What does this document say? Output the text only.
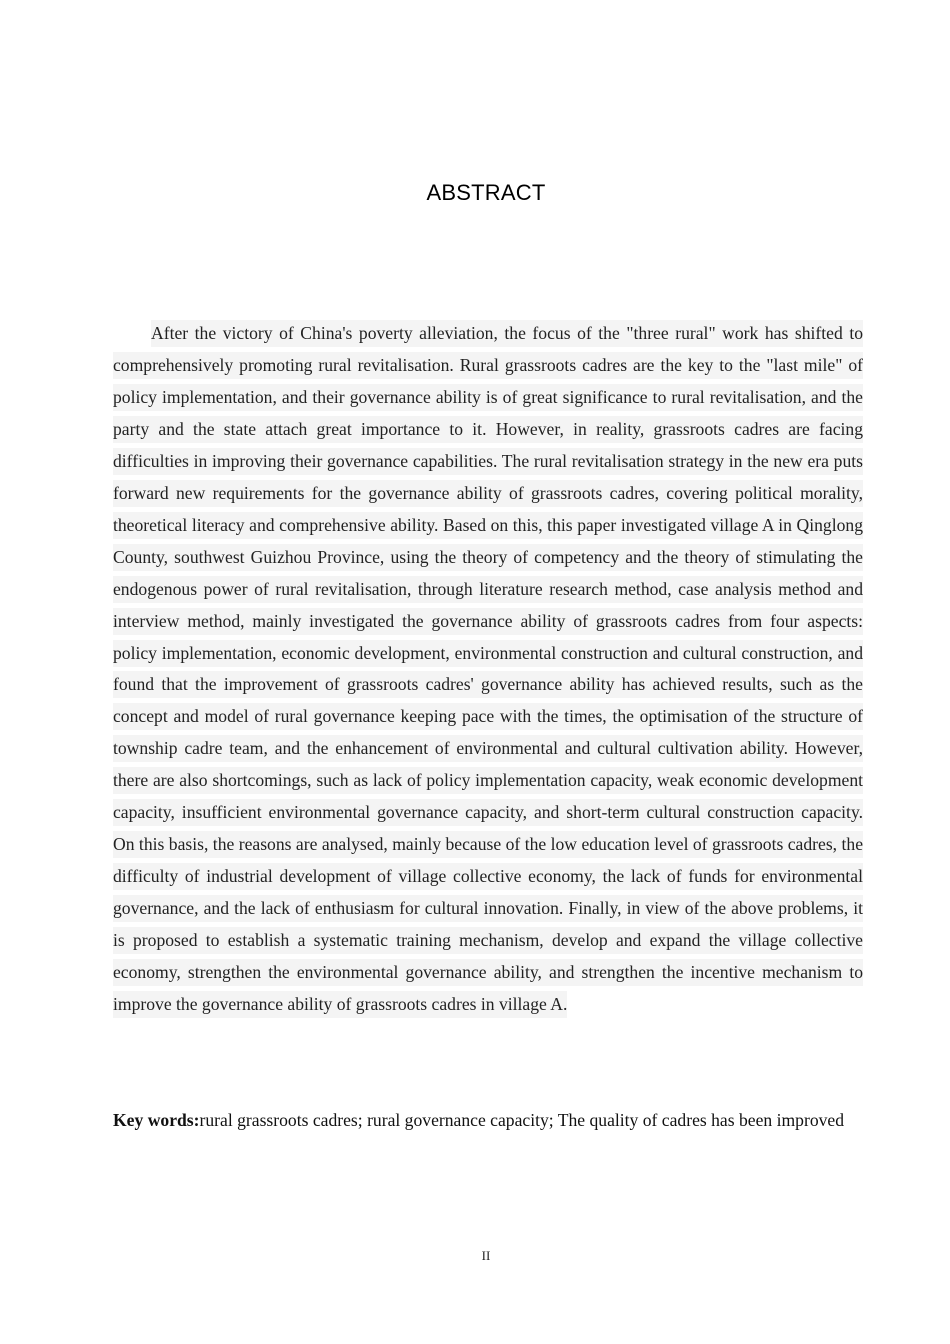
ABSTRACT
After the victory of China's poverty alleviation, the focus of the "three rural" work has shifted to comprehensively promoting rural revitalisation. Rural grassroots cadres are the key to the "last mile" of policy implementation, and their governance ability is of great significance to rural revitalisation, and the party and the state attach great importance to it. However, in reality, grassroots cadres are facing difficulties in improving their governance capabilities. The rural revitalisation strategy in the new era puts forward new requirements for the governance ability of grassroots cadres, covering political morality, theoretical literacy and comprehensive ability. Based on this, this paper investigated village A in Qinglong County, southwest Guizhou Province, using the theory of competency and the theory of stimulating the endogenous power of rural revitalisation, through literature research method, case analysis method and interview method, mainly investigated the governance ability of grassroots cadres from four aspects: policy implementation, economic development, environmental construction and cultural construction, and found that the improvement of grassroots cadres' governance ability has achieved results, such as the concept and model of rural governance keeping pace with the times, the optimisation of the structure of township cadre team, and the enhancement of environmental and cultural cultivation ability. However, there are also shortcomings, such as lack of policy implementation capacity, weak economic development capacity, insufficient environmental governance capacity, and short-term cultural construction capacity. On this basis, the reasons are analysed, mainly because of the low education level of grassroots cadres, the difficulty of industrial development of village collective economy, the lack of funds for environmental governance, and the lack of enthusiasm for cultural innovation. Finally, in view of the above problems, it is proposed to establish a systematic training mechanism, develop and expand the village collective economy, strengthen the environmental governance ability, and strengthen the incentive mechanism to improve the governance ability of grassroots cadres in village A.
Key words:rural grassroots cadres; rural governance capacity; The quality of cadres has been improved
II
